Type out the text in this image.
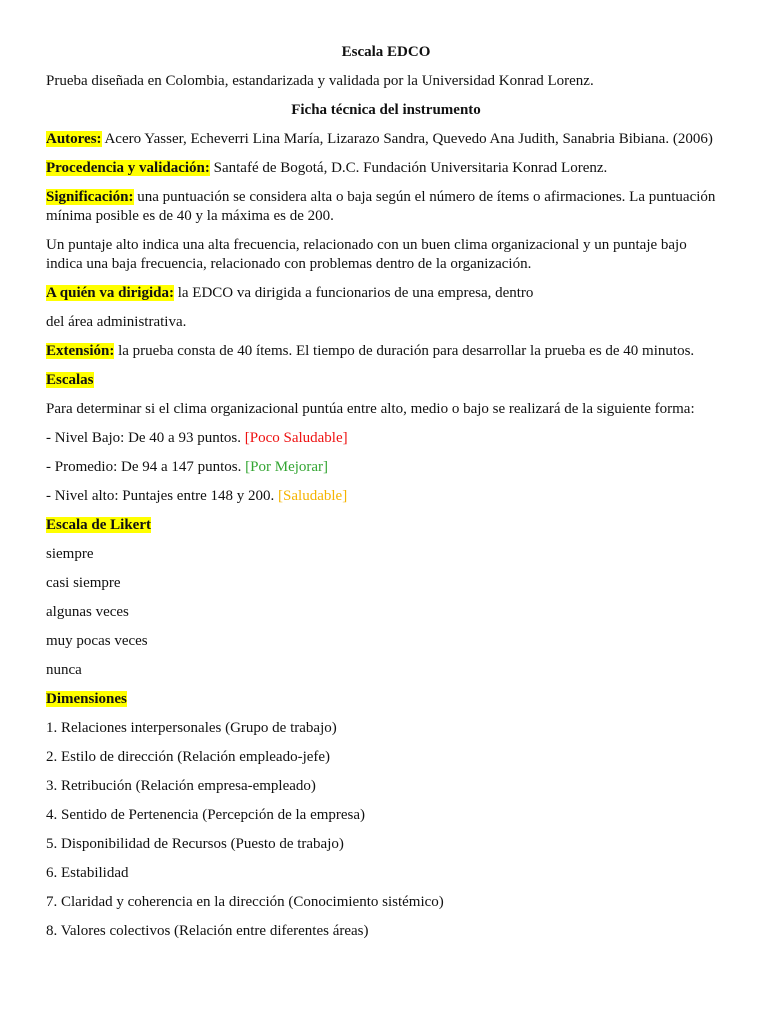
Escala EDCO

Prueba diseñada en Colombia, estandarizada y validada por la Universidad Konrad Lorenz.

Ficha técnica del instrumento

Autores: Acero Yasser, Echeverri Lina María, Lizarazo Sandra, Quevedo Ana Judith, Sanabria Bibiana. (2006)

Procedencia y validación: Santafé de Bogotá, D.C. Fundación Universitaria Konrad Lorenz.

Significación: una puntuación se considera alta o baja según el número de ítems o afirmaciones. La puntuación mínima posible es de 40 y la máxima es de 200.

Un puntaje alto indica una alta frecuencia, relacionado con un buen clima organizacional y un puntaje bajo indica una baja frecuencia, relacionado con problemas dentro de la organización.

A quién va dirigida: la EDCO va dirigida a funcionarios de una empresa, dentro

del área administrativa.

Extensión: la prueba consta de 40 ítems. El tiempo de duración para desarrollar la prueba es de 40 minutos.

Escalas

Para determinar si el clima organizacional puntúa entre alto, medio o bajo se realizará de la siguiente forma:

- Nivel Bajo: De 40 a 93 puntos. [Poco Saludable]

- Promedio: De 94 a 147 puntos. [Por Mejorar]

- Nivel alto: Puntajes entre 148 y 200. [Saludable]

Escala de Likert

siempre

casi siempre

algunas veces

muy pocas veces

nunca

Dimensiones

1. Relaciones interpersonales (Grupo de trabajo)

2. Estilo de dirección (Relación empleado-jefe)

3. Retribución (Relación empresa-empleado)

4. Sentido de Pertenencia (Percepción de la empresa)

5. Disponibilidad de Recursos (Puesto de trabajo)

6. Estabilidad

7. Claridad y coherencia en la dirección (Conocimiento sistémico)

8. Valores colectivos (Relación entre diferentes áreas)
